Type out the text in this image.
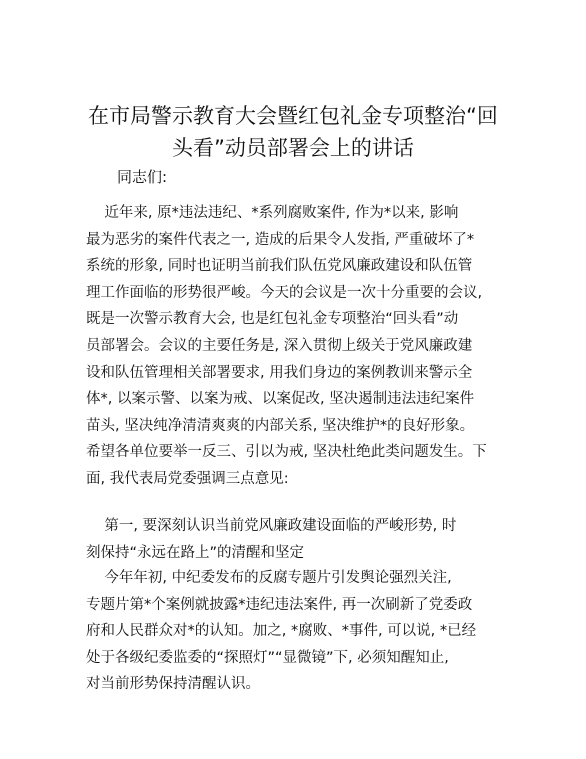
在市局警示教育大会暨红包礼金专项整治“回
头看”动员部署会上的讲话

同志们:

近年来, 原*违法违纪、*系列腐败案件, 作为*以来, 影响
最为恶劣的案件代表之一, 造成的后果令人发指, 严重破坏了*
系统的形象, 同时也证明当前我们队伍党风廉政建设和队伍管
理工作面临的形势很严峻。今天的会议是一次十分重要的会议,
既是一次警示教育大会, 也是红包礼金专项整治“回头看”动
员部署会。会议的主要任务是, 深入贯彻上级关于党风廉政建
设和队伍管理相关部署要求, 用我们身边的案例教训来警示全
体*, 以案示警、以案为戒、以案促改, 坚决遏制违法违纪案件
苗头, 坚决纯净清清爽爽的内部关系, 坚决维护*的良好形象。
希望各单位要举一反三、引以为戒, 坚决杜绝此类问题发生。下
面, 我代表局党委强调三点意见:
第一, 要深刻认识当前党风廉政建设面临的严峻形势, 时
刻保持“永远在路上”的清醒和坚定
今年年初, 中纪委发布的反腐专题片引发舆论强烈关注,
专题片第*个案例就披露*违纪违法案件, 再一次刷新了党委政
府和人民群众对*的认知。加之, *腐败、*事件, 可以说, *已经
处于各级纪委监委的“探照灯”“显微镜”下, 必须知醒知止,
对当前形势保持清醒认识。
